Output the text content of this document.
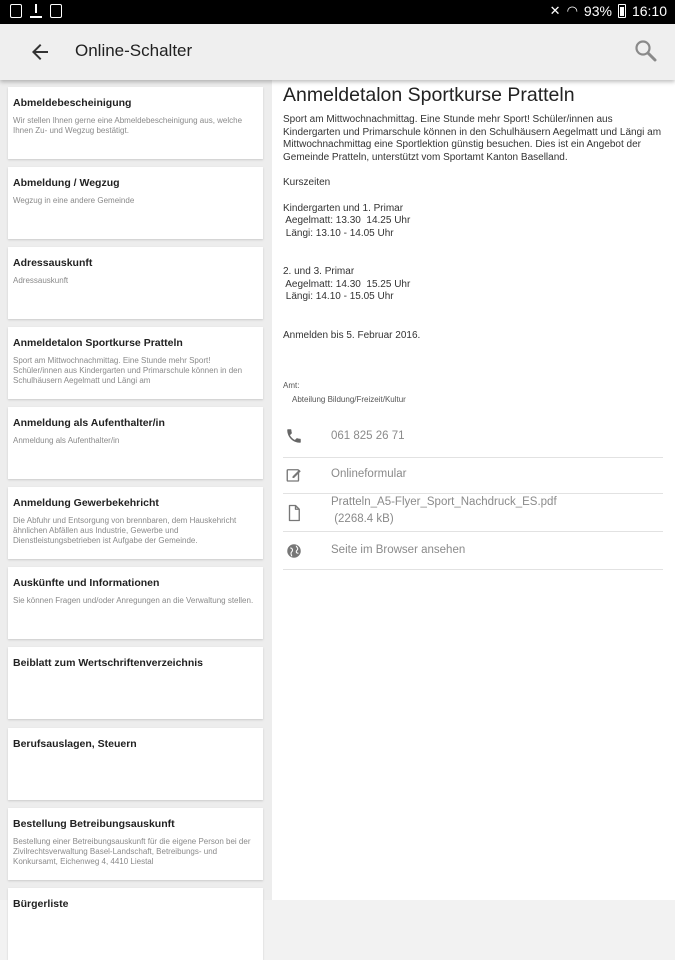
✕ ◠ 93% 16:10
Online-Schalter
Abmeldebescheinigung
Wir stellen Ihnen gerne eine Abmeldebescheinigung aus, welche Ihnen Zu- und Wegzug bestätigt.
Abmeldung / Wegzug
Wegzug in eine andere Gemeinde
Adressauskunft
Adressauskunft
Anmeldetalon Sportkurse Pratteln
Sport am Mittwochnachmittag. Eine Stunde mehr Sport! Schüler/innen aus Kindergarten und Primarschule können in den Schulhäusern Aegelmatt und Längi am
Anmeldung als Aufenthalter/in
Anmeldung als Aufenthalter/in
Anmeldung Gewerbekehricht
Die Abfuhr und Entsorgung von brennbaren, dem Hauskehricht ähnlichen Abfällen aus Industrie, Gewerbe und Dienstleistungsbetrieben ist Aufgabe der Gemeinde.
Auskünfte und Informationen
Sie können Fragen und/oder Anregungen an die Verwaltung stellen.
Beiblatt zum Wertschriftenverzeichnis
Berufsauslagen, Steuern
Bestellung Betreibungsauskunft
Bestellung einer Betreibungsauskunft für die eigene Person bei der Zivilrechtsverwaltung Basel-Landschaft, Betreibungs- und Konkursamt, Eichenweg 4, 4410 Liestal
Bürgerliste
Anmeldetalon Sportkurse Pratteln

Sport am Mittwochnachmittag. Eine Stunde mehr Sport! Schüler/innen aus Kindergarten und Primarschule können in den Schulhäusern Aegelmatt und Längi am Mittwochnachmittag eine Sportlektion günstig besuchen. Dies ist ein Angebot der Gemeinde Pratteln, unterstützt vom Sportamt Kanton Baselland.

Kurszeiten

Kindergarten und 1. Primar

Aegelmatt: 13.30  14.25 Uhr

Längi: 13.10 - 14.05 Uhr

2. und 3. Primar

Aegelmatt: 14.30  15.25 Uhr

Längi: 14.10 - 15.05 Uhr

Anmelden bis 5. Februar 2016.

Amt:
Abteilung Bildung/Freizeit/Kultur
061 825 26 71
Onlineformular
Pratteln_A5-Flyer_Sport_Nachdruck_ES.pdf
(2268.4 kB)
Seite im Browser ansehen
